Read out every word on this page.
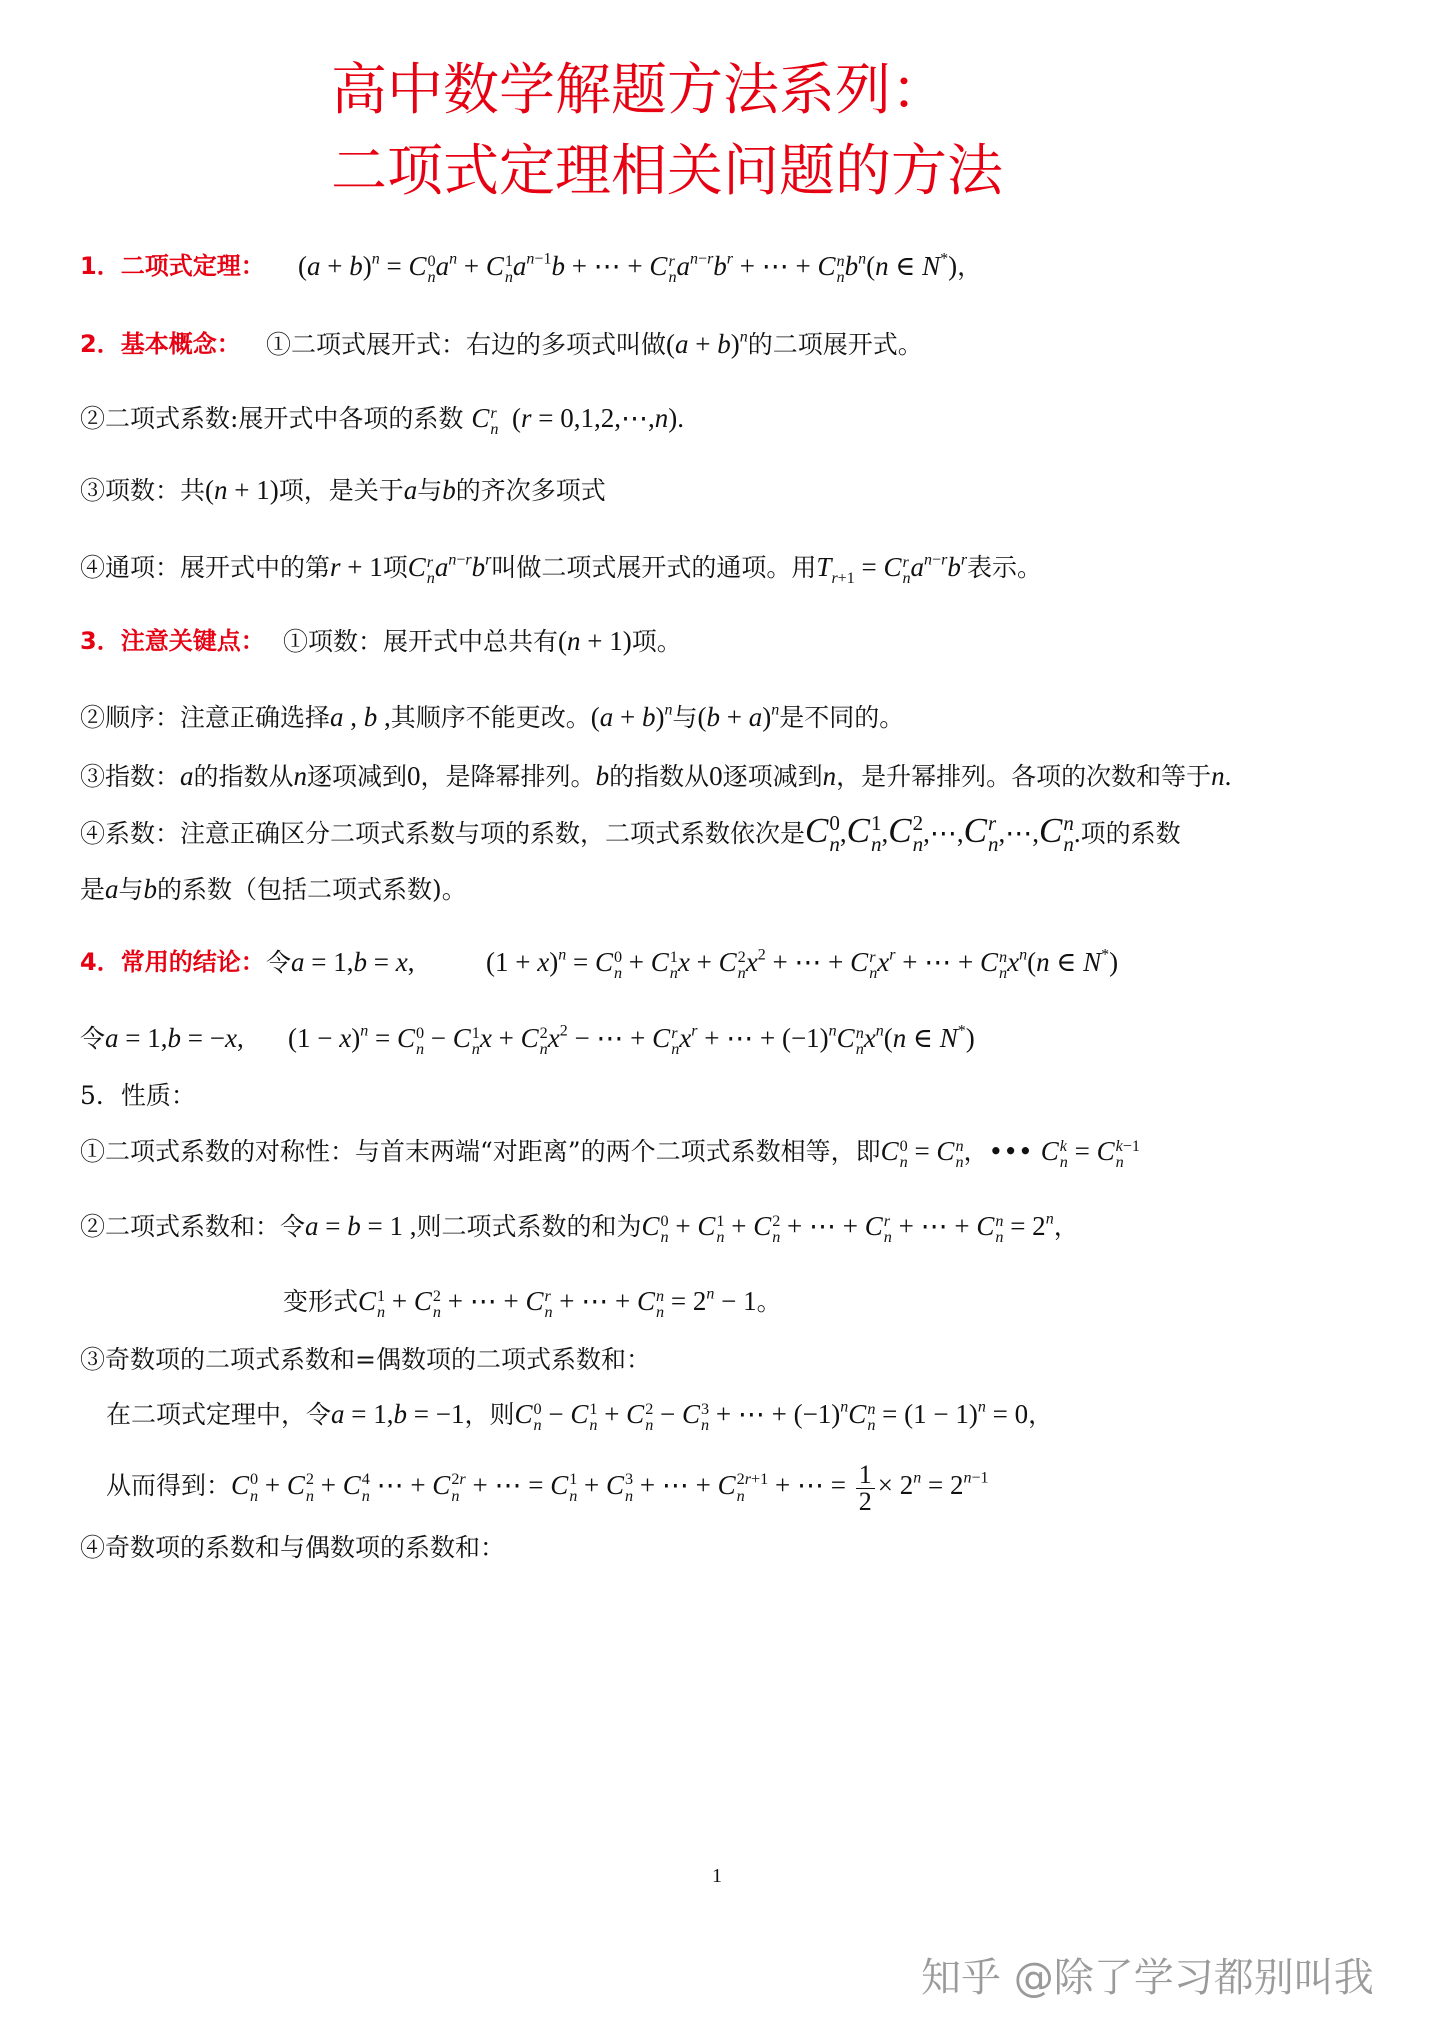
高中数学解题方法系列：
二项式定理相关问题的方法
1．二项式定理： $(a + b)^n = C$ 0
n $a^n + C$ 1
n $a^{n-1}b$ + ⋯ + C r
n $a^{n-r}b^r$ + ⋯ + C n
n $b^n(n$ ∈ N*)，
2．基本概念： ①二项式展开式：右边的多项式叫做$(a + b)^n$的二项展开式。
②二项式系数:展开式中各项的系数 C r
n (r = 0,1,2,⋯,n).
③项数：共(n + 1)项，是关于a与b的齐次多项式
④通项：展开式中的第r + 1项C r
n $a^{n-r}b^r$叫做二项式展开式的通项。用$T_{r+1} = C$ r
n $a^{n-r}b^r$表示。
3．注意关键点： ①项数：展开式中总共有(n + 1)项。
②顺序：注意正确选择a , b ,其顺序不能更改。$(a + b)^n$与$(b + a)^n$是不同的。
③指数：a的指数从n逐项减到0，是降幂排列。b的指数从0逐项减到n，是升幂排列。各项的次数和等于n.
④系数：注意正确区分二项式系数与项的系数，二项式系数依次是C 0
n ,C 1
n ,C 2
n ,⋯,C r
n ,⋯,C n
n .项的系数
是a与b的系数（包括二项式系数)。
4．常用的结论： 令a = 1,b = x,	$(1 + x)^n = C$ 0
n + C 1
n x + C 2
n $x^2$ + ⋯ + C r
n $x^r$ + ⋯ + C n
n $x^n(n$ ∈ N*)
令a = 1,b = −x, $(1 - x)^n = C$ 0
n − C 1
n x + C 2
n $x^2$ − ⋯ + C r
n $x^r$ + ⋯ + $(-1)^nC$ n
n $x^n(n$ ∈ N*)
5．性质：
①二项式系数的对称性：与首末两端“对距离”的两个二项式系数相等，即C 0
n = C n
n ，••• C k
n = C k−1
n
②二项式系数和：令a = b = 1 ,则二项式系数的和为C 0
n + C 1
n + C 2
n + ⋯ + C r
n + ⋯ + C n
$n = 2^n$，
变形式C 1
n + C 2
n + ⋯ + C r
n + ⋯ + C n
$n = 2^n - 1$。
③奇数项的二项式系数和=偶数项的二项式系数和：
在二项式定理中，令a = 1,b = −1，则C 0
n − C 1
n + C 2
n − C 3
n + ⋯ + $(-1)^nC$ n
$n = (1 - 1)^n = 0$，
从而得到：C 0
n + C 2
n + C 4
n ⋯ + C 2r
n + ⋯ = C 1
n + C 3
n + ⋯ + C 2r+1
n + ⋯ = $\frac{1}{2} \times 2^n = 2^{n-1}$
④奇数项的系数和与偶数项的系数和：
1
知乎 @除了学习都别叫我
